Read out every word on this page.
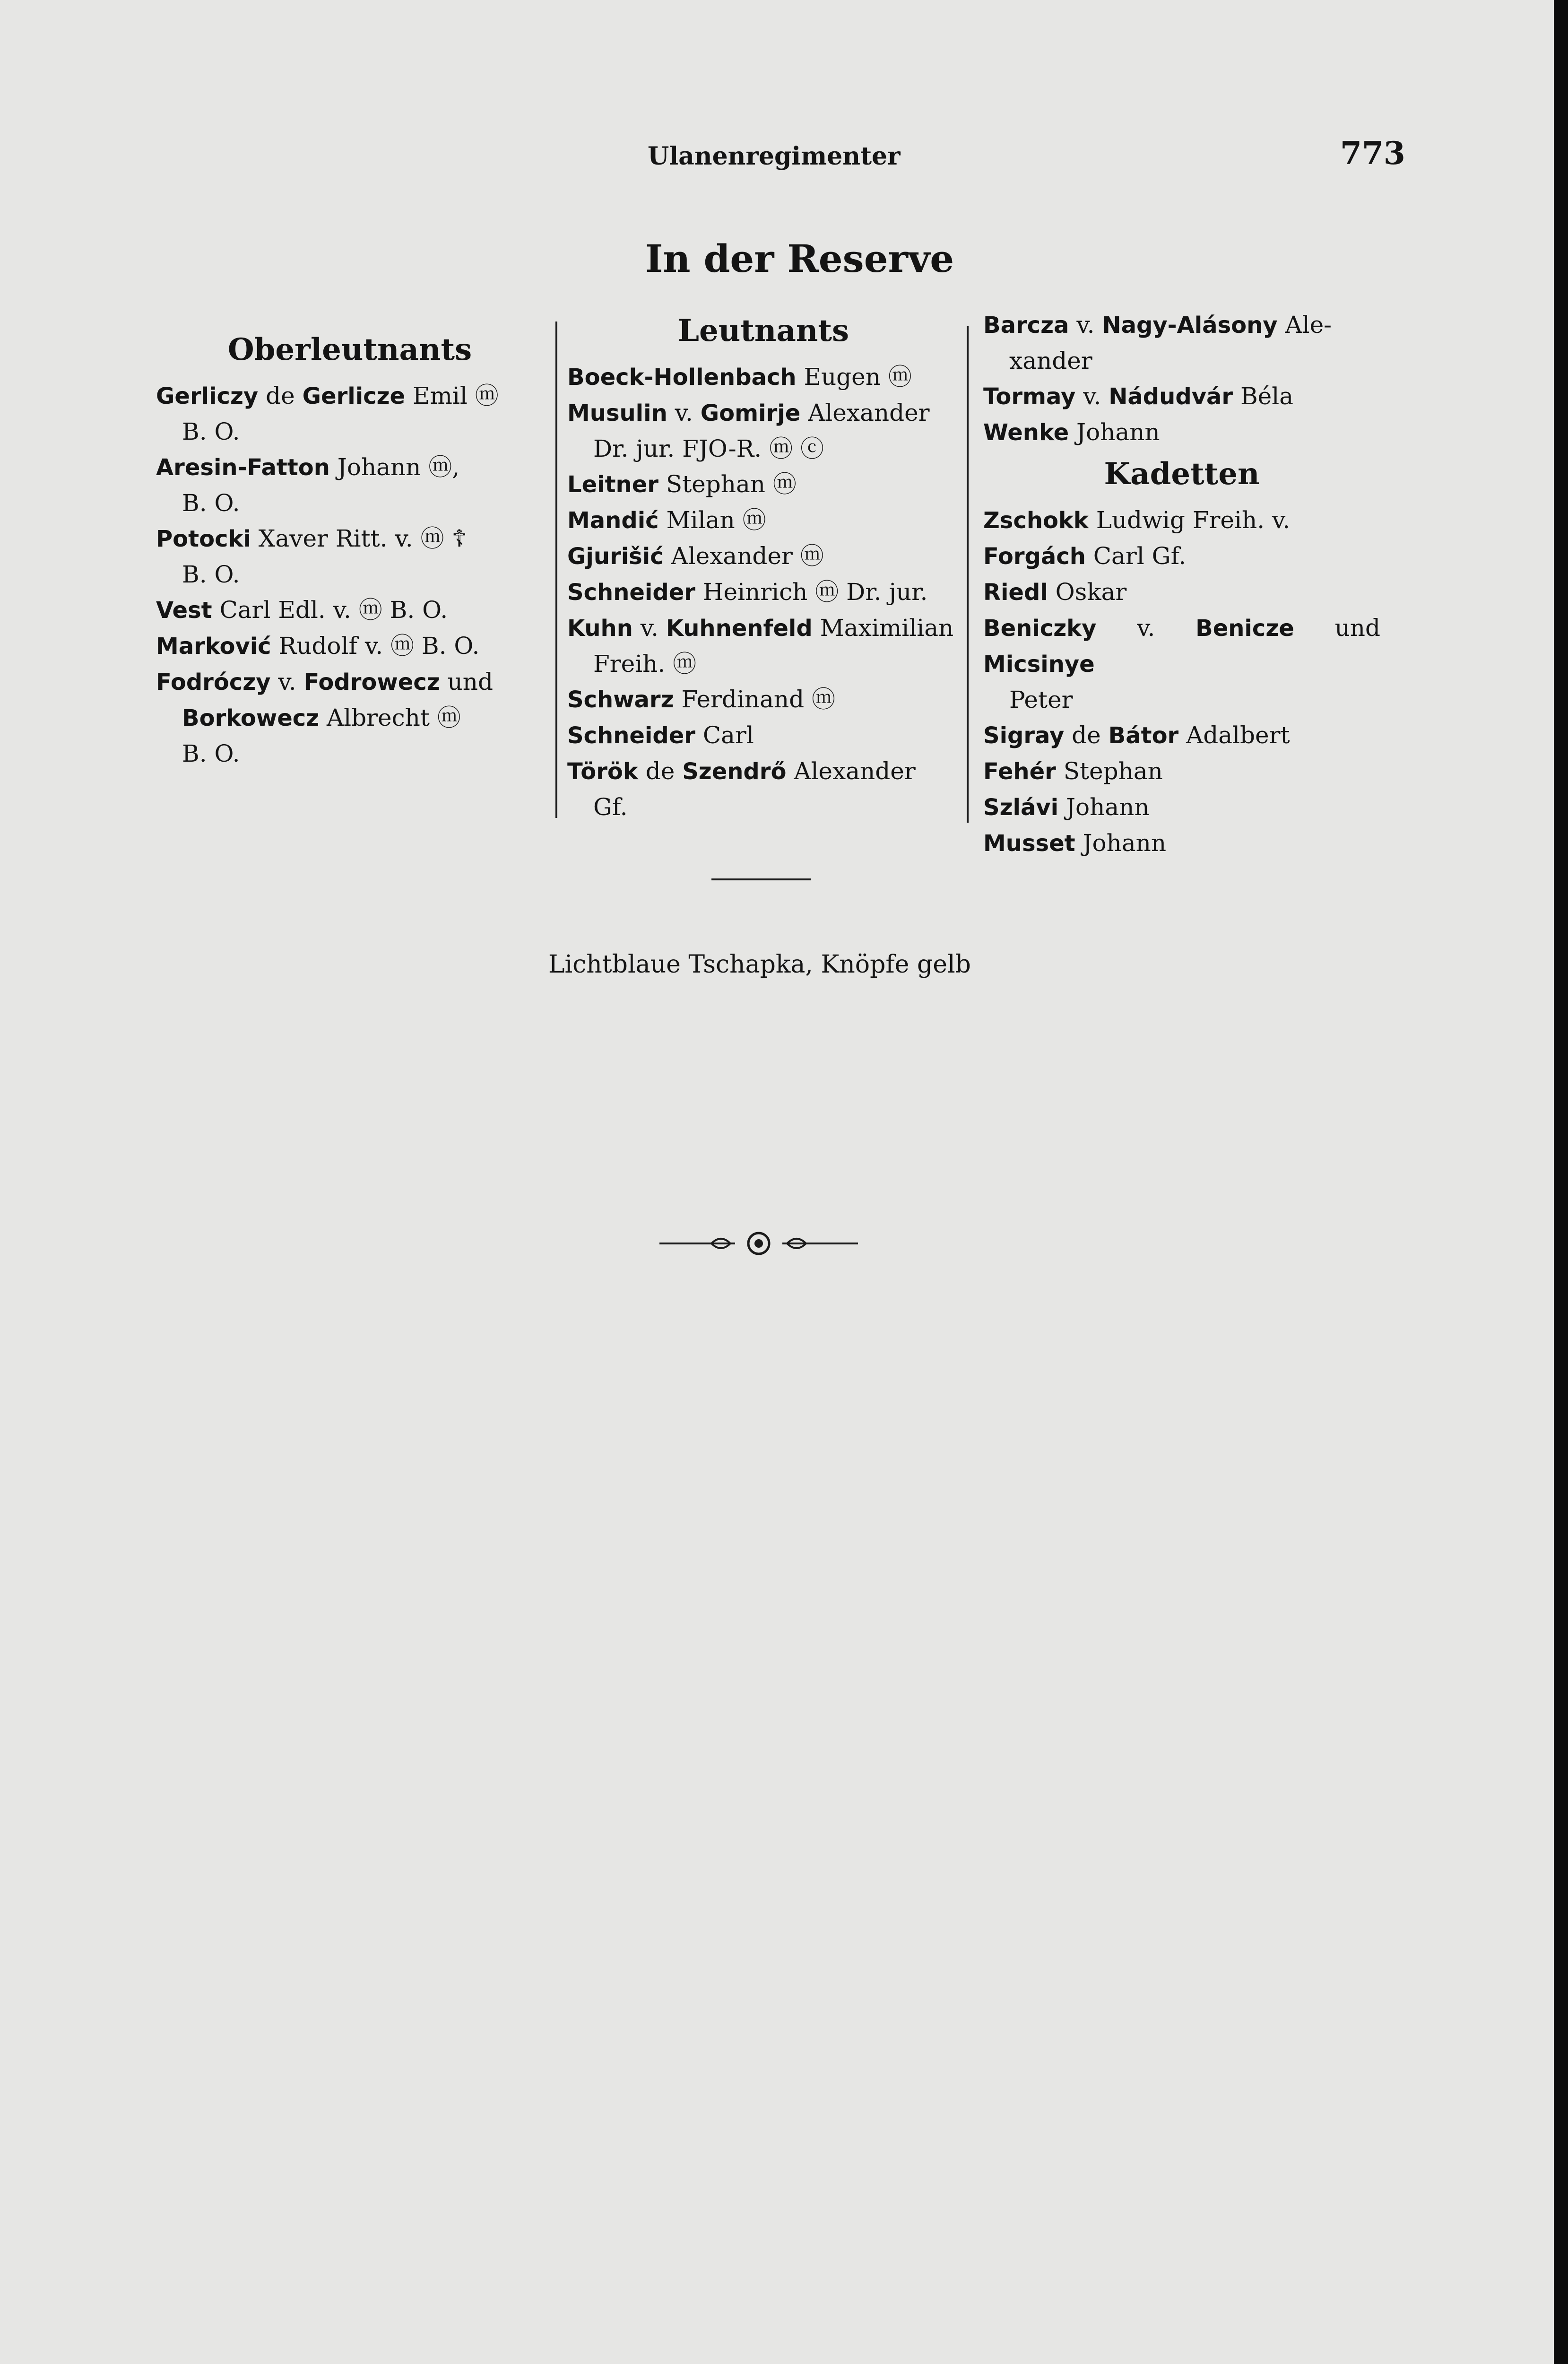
Ulanenregimenter	773
In der Reserve
Oberleutnants
Gerliczy de Gerlicze Emil ⓜ
B. O.
Aresin-Fatton Johann ⓜ,
B. O.
Potocki Xaver Ritt. v. ⓜ ☦
B. O.
Vest Carl Edl. v. ⓜ B. O.
Marković Rudolf v. ⓜ B. O.
Fodróczy v. Fodrowecz und
Borkowecz Albrecht ⓜ
B. O.
Leutnants
Boeck-Hollenbach Eugen ⓜ
Musulin v. Gomirje Alexander
Dr. jur. FJO-R. ⓜ ⓒ
Leitner Stephan ⓜ
Mandić Milan ⓜ
Gjurišić Alexander ⓜ
Schneider Heinrich ⓜ Dr. jur.
Kuhn v. Kuhnenfeld Maximilian
Freih. ⓜ
Schwarz Ferdinand ⓜ
Schneider Carl
Török de Szendrő Alexander
Gf.
Barcza v. Nagy-Alásony Ale-
xander
Tormay v. Nádudvár Béla
Wenke Johann
Kadetten
Zschokk Ludwig Freih. v.
Forgách Carl Gf.
Riedl Oskar
Beniczky v. Benicze und Micsinye
Peter
Sigray de Bátor Adalbert
Fehér Stephan
Szlávi Johann
Musset Johann
Lichtblaue Tschapka, Knöpfe gelb
